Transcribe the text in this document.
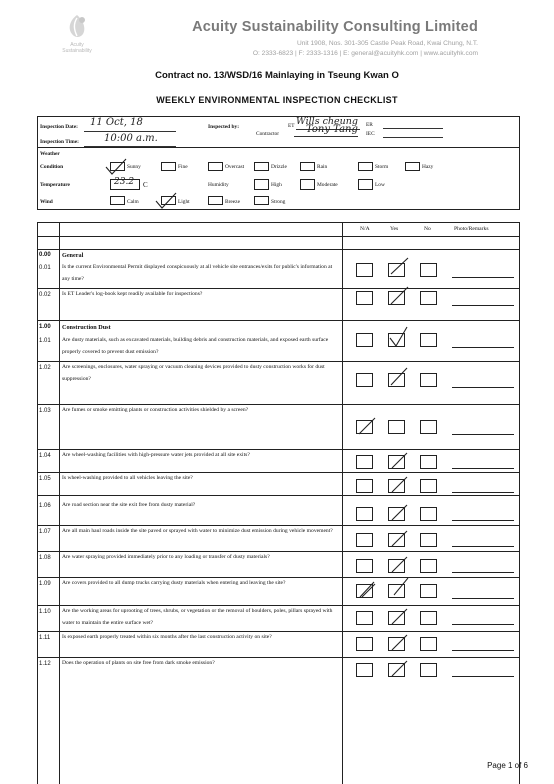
Acuity
Sustainability
Acuity Sustainability Consulting Limited
Unit 1908, Nos. 301-305 Castle Peak Road, Kwai Chung, N.T.
O: 2333-6823 | F: 2333-1316 | E: general@acuityhk.com | www.acuityhk.com
Contract no. 13/WSD/16 Mainlaying in Tseung Kwan O
WEEKLY ENVIRONMENTAL INSPECTION CHECKLIST
Inspection Date: 11 Oct, 18
Inspection Time:	10:00 a.m.
Inspected by:	ET Wills cheung
Contractor	Tony Tang ER
IEC
Weather
Condition	Sunny	Fine	Overcast	Drizzle	Rain	Storm	Hazy
Temperature	23.2 C	Humidity	High	Moderate	Low
Wind	Calm	Light	Breeze	Strong
N/A	Yes	No	Photo/Remarks
0.00	General
0.01	Is the current Environmental Permit displayed conspicuously at all vehicle site entrances/exits for public's information at any time?
0.02	Is ET Leader's log-book kept readily available for inspections?
1.00	Construction Dust
1.01	Are dusty materials, such as excavated materials, building debris and construction materials, and exposed earth surface properly covered to prevent dust emission?
1.02	Are screenings, enclosures, water spraying or vacuum cleaning devices provided to dusty construction works for dust suppression?
1.03	Are fumes or smoke emitting plants or construction activities shielded by a screen?
1.04	Are wheel-washing facilities with high-pressure water jets provided at all site exits?
1.05	Is wheel-washing provided to all vehicles leaving the site?
1.06	Are road section near the site exit free from dusty material?
1.07	Are all main haul roads inside the site paved or sprayed with water to minimize dust emission during vehicle movement?
1.08	Are water spraying provided immediately prior to any loading or transfer of dusty materials?
1.09	Are covers provided to all dump trucks carrying dusty materials when entering and leaving the site?
1.10	Are the working areas for uprooting of trees, shrubs, or vegetation or the removal of boulders, poles, pillars sprayed with water to maintain the entire surface wet?
1.11	Is exposed earth properly treated within six months after the last construction activity on site?
1.12	Does the operation of plants on site free from dark smoke emission?
Page 1 of 6
